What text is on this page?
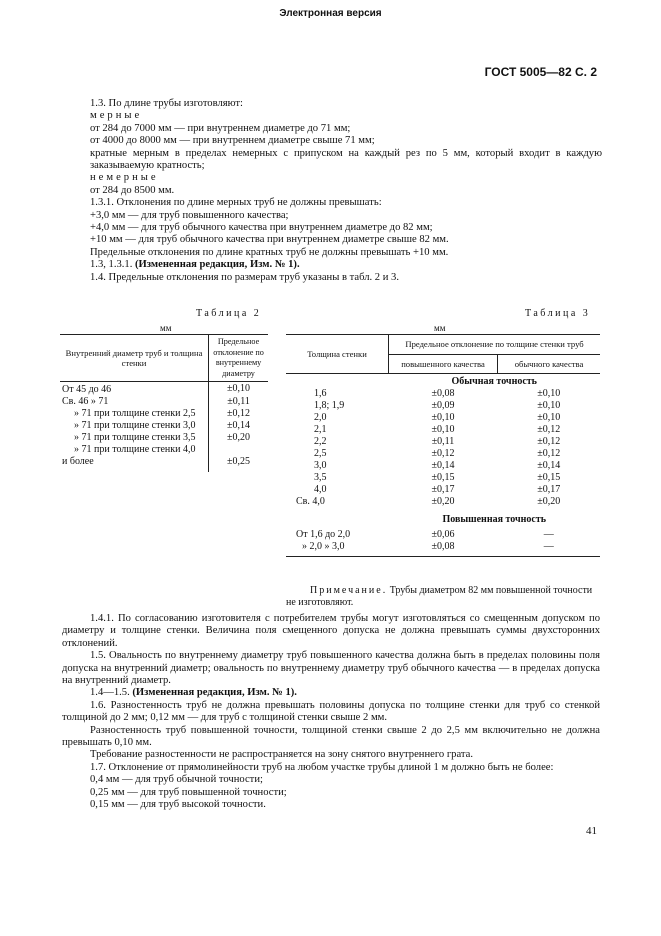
Электронная версия
ГОСТ 5005—82 С. 2

1.3. По длине трубы изготовляют:

мерные

от 284 до 7000 мм — при внутреннем диаметре до 71 мм;

от 4000 до 8000 мм — при внутреннем диаметре свыше 71 мм;

кратные мерным в пределах немерных с припуском на каждый рез по 5 мм, который входит в каждую заказываемую кратность;

немерные

от 284 до 8500 мм.

1.3.1. Отклонения по длине мерных труб не должны превышать:

+3,0 мм — для труб повышенного качества;

+4,0 мм — для труб обычного качества при внутреннем диаметре до 82 мм;

+10 мм — для труб обычного качества при внутреннем диаметре свыше 82 мм.

Предельные отклонения по длине кратных труб не должны превышать +10 мм.

1.3, 1.3.1. (Измененная редакция, Изм. № 1).

1.4. Предельные отклонения по размерам труб указаны в табл. 2 и 3.

Таблица 2
мм
Внутренний диаметр труб и толщина стенки	Предельное отклонение по внутреннему диаметру
От 45 до 46	±0,10
Св. 46 » 71	±0,11
» 71 при толщине стенки 2,5	±0,12
» 71 при толщине стенки 3,0	±0,14
» 71 при толщине стенки 3,5	±0,20
» 71 при толщине стенки 4,0	
и более	±0,25
Таблица 3
мм
Толщина стенки	Предельное отклонение по толщине стенки труб	
	повышенного качества	обычного качества
	Обычная точность	
1,6	±0,08	±0,10
1,8; 1,9	±0,09	±0,10
2,0	±0,10	±0,10
2,1	±0,10	±0,12
2,2	±0,11	±0,12
2,5	±0,12	±0,12
3,0	±0,14	±0,14
3,5	±0,15	±0,15
4,0	±0,17	±0,17
Св. 4,0	±0,20	±0,20

	Повышенная точность	

От 1,6 до 2,0	±0,06	—
» 2,0 » 3,0	±0,08	—
Примечание. Трубы диаметром 82 мм повышенной точности не изготовляют.

1.4.1. По согласованию изготовителя с потребителем трубы могут изготовляться со смещенным допуском по диаметру и толщине стенки. Величина поля смещенного допуска не должна превышать суммы двухсторонних отклонений.

1.5. Овальность по внутреннему диаметру труб повышенного качества должна быть в пределах половины поля допуска на внутренний диаметр; овальность по внутреннему диаметру труб обычного качества — в пределах допуска на внутренний диаметр.

1.4—1.5. (Измененная редакция, Изм. № 1).

1.6. Разностенность труб не должна превышать половины допуска по толщине стенки для труб со стенкой толщиной до 2 мм; 0,12 мм — для труб с толщиной стенки свыше 2 мм.

Разностенность труб повышенной точности, толщиной стенки свыше 2 до 2,5 мм включительно не должна превышать 0,10 мм.

Требование разностенности не распространяется на зону снятого внутреннего грата.

1.7. Отклонение от прямолинейности труб на любом участке трубы длиной 1 м должно быть не более:

0,4 мм — для труб обычной точности;

0,25 мм — для труб повышенной точности;

0,15 мм — для труб высокой точности.

41
